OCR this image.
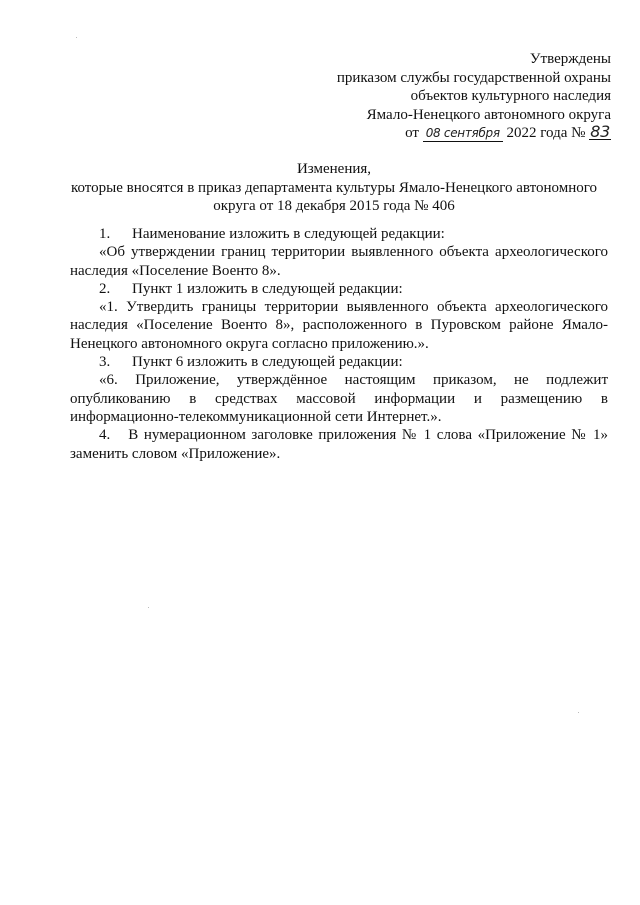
Утверждены
приказом службы государственной охраны
объектов культурного наследия
Ямало-Ненецкого автономного округа
от 08 сентября 2022 года № 83
Изменения,
которые вносятся в приказ департамента культуры Ямало-Ненецкого автономного
округа от 18 декабря 2015 года № 406

1.	Наименование изложить в следующей редакции:

«Об утверждении границ территории выявленного объекта археологического наследия «Поселение Военто 8».

2.	Пункт 1 изложить в следующей редакции:

«1. Утвердить границы территории выявленного объекта археологического наследия «Поселение Военто 8», расположенного в Пуровском районе Ямало-Ненецкого автономного округа согласно приложению.».

3.	Пункт 6 изложить в следующей редакции:

«6. Приложение, утверждённое настоящим приказом, не подлежит опубликованию в средствах массовой информации и размещению в информационно-телекоммуникационной сети Интернет.».

4. В нумерационном заголовке приложения № 1 слова «Приложение № 1» заменить словом «Приложение».
